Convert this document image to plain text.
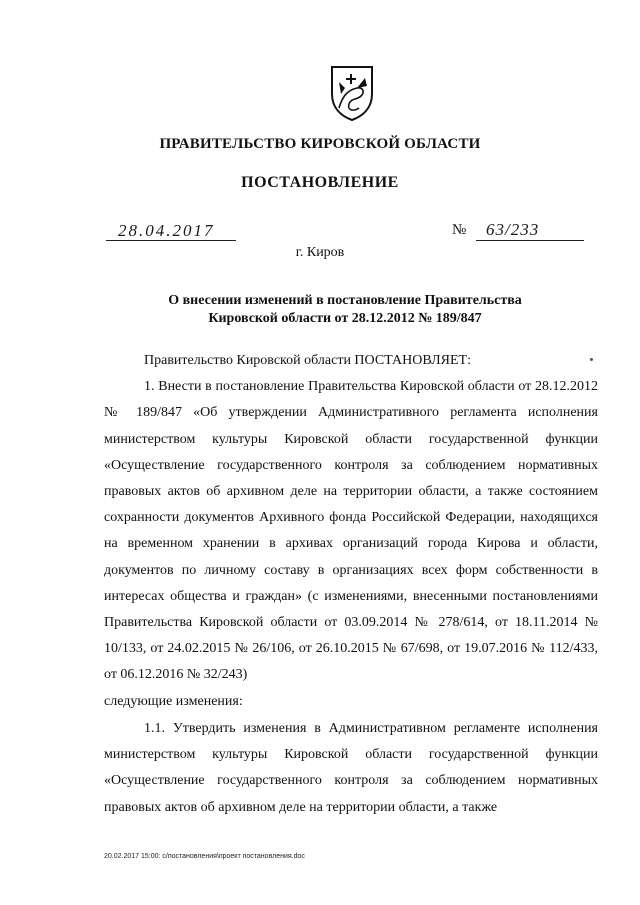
ПРАВИТЕЛЬСТВО КИРОВСКОЙ ОБЛАСТИ
ПОСТАНОВЛЕНИЕ
28.04.2017	№ 63/233
г. Киров
О внесении изменений в постановление Правительства
Кировской области от 28.12.2012 № 189/847

Правительство Кировской области ПОСТАНОВЛЯЕТ:

1. Внести в постановление Правительства Кировской области от 28.12.2012 № 189/847 «Об утверждении Административного регламента исполнения министерством культуры Кировской области государственной функции «Осуществление государственного контроля за соблюдением нормативных правовых актов об архивном деле на территории области, а также состоянием сохранности документов Архивного фонда Российской Федерации, находящихся на временном хранении в архивах организаций города Кирова и области, документов по личному составу в организациях всех форм собственности в интересах общества и граждан» (с изменениями, внесенными постановлениями Правительства Кировской области от 03.09.2014 № 278/614, от 18.11.2014 № 10/133, от 24.02.2015 № 26/106, от 26.10.2015 № 67/698, от 19.07.2016 № 112/433, от 06.12.2016 № 32/243)

следующие изменения:

1.1. Утвердить изменения в Административном регламенте исполнения министерством культуры Кировской области государственной функции «Осуществление государственного контроля за соблюдением нормативных правовых актов об архивном деле на территории области, а также

20.02.2017 15:00: c/постановления\проект постановления.doc
